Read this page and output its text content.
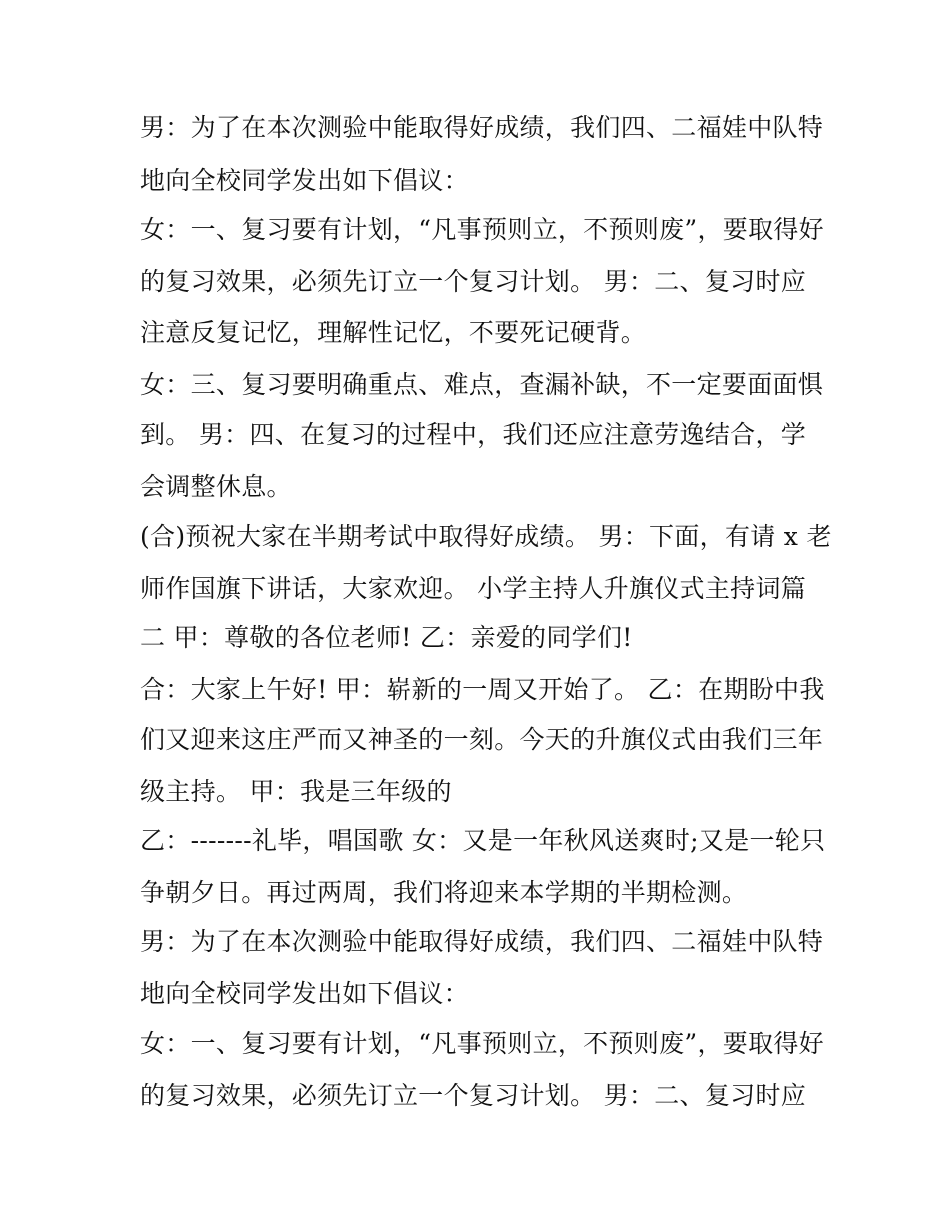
男：为了在本次测验中能取得好成绩，我们四、二福娃中队特
地向全校同学发出如下倡议：
女：一、复习要有计划，“凡事预则立，不预则废”，要取得好
的复习效果，必须先订立一个复习计划。 男：二、复习时应
注意反复记忆，理解性记忆，不要死记硬背。
女：三、复习要明确重点、难点，查漏补缺，不一定要面面惧
到。 男：四、在复习的过程中，我们还应注意劳逸结合，学
会调整休息。
(合)预祝大家在半期考试中取得好成绩。 男：下面，有请 x 老
师作国旗下讲话，大家欢迎。 小学主持人升旗仪式主持词篇
二 甲：尊敬的各位老师! 乙：亲爱的同学们!
合：大家上午好! 甲：崭新的一周又开始了。 乙：在期盼中我
们又迎来这庄严而又神圣的一刻。今天的升旗仪式由我们三年
级主持。 甲：我是三年级的
乙：-------礼毕，唱国歌 女：又是一年秋风送爽时;又是一轮只
争朝夕日。再过两周，我们将迎来本学期的半期检测。
男：为了在本次测验中能取得好成绩，我们四、二福娃中队特
地向全校同学发出如下倡议：
女：一、复习要有计划，“凡事预则立，不预则废”，要取得好
的复习效果，必须先订立一个复习计划。 男：二、复习时应
